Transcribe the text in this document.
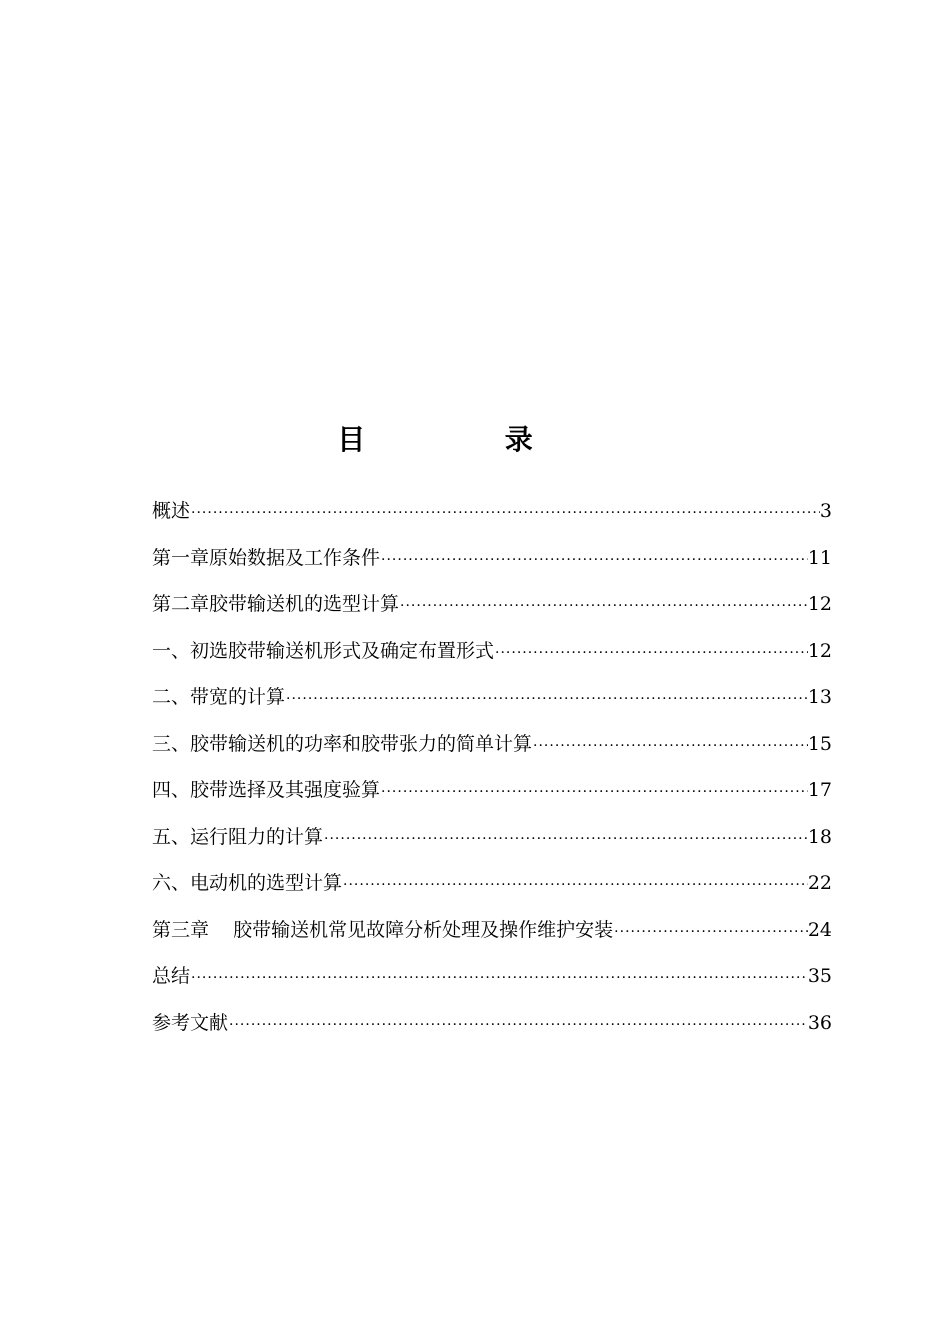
目  录
概述 ·····	3
第一章原始数据及工作条件 ·····	11
第二章胶带输送机的选型计算 ·····	12
一、初选胶带输送机形式及确定布置形式 ·····	12
二、带宽的计算 ·····	13
三、胶带输送机的功率和胶带张力的简单计算 ·····	15
四、胶带选择及其强度验算 ·····	17
五、运行阻力的计算 ·····	18
六、电动机的选型计算 ·····	22
第三章    胶带输送机常见故障分析处理及操作维护安装 ·····	24
总结 ·····	35
参考文献 ·····	36
